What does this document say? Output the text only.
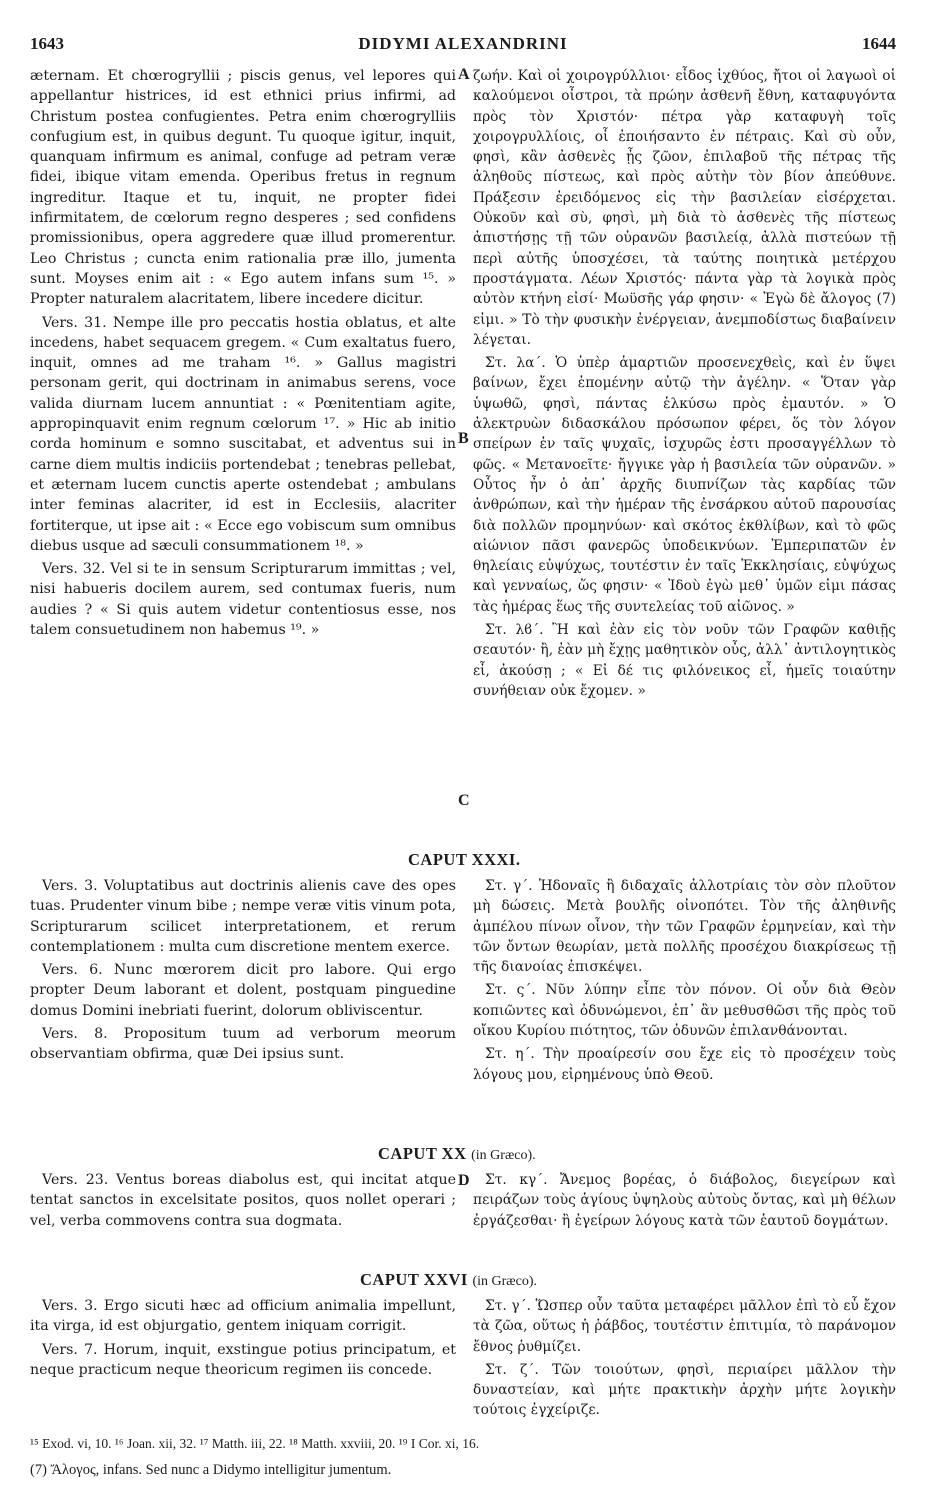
1643	DIDYMI ALEXANDRINI	1644

æternam. Et chœrogryllii ; piscis genus, vel lepores qui appellantur histrices, id est ethnici prius infirmi, ad Christum postea confugientes. Petra enim chœrogrylliis confugium est, in quibus degunt. Tu quoque igitur, inquit, quanquam infirmum es animal, confuge ad petram veræ fidei, ibique vitam emenda. Operibus fretus in regnum ingreditur. Itaque et tu, inquit, ne propter fidei infirmitatem, de cœlorum regno desperes ; sed confidens promissionibus, opera aggredere quæ illud promerentur. Leo Christus ; cuncta enim rationalia præ illo, jumenta sunt. Moyses enim ait : « Ego autem infans sum ¹⁵. » Propter naturalem alacritatem, libere incedere dicitur.

Vers. 31. Nempe ille pro peccatis hostia oblatus, et alte incedens, habet sequacem gregem. « Cum exaltatus fuero, inquit, omnes ad me traham ¹⁶. » Gallus magistri personam gerit, qui doctrinam in animabus serens, voce valida diurnam lucem annuntiat : « Pœnitentiam agite, appropinquavit enim regnum cœlorum ¹⁷. » Hic ab initio corda hominum e somno suscitabat, et adventus sui in carne diem multis indiciis portendebat ; tenebras pellebat, et æternam lucem cunctis aperte ostendebat ; ambulans inter feminas alacriter, id est in Ecclesiis, alacriter fortiterque, ut ipse ait : « Ecce ego vobiscum sum omnibus diebus usque ad sæculi consummationem ¹⁸. »

Vers. 32. Vel si te in sensum Scripturarum immittas ; vel, nisi habueris docilem aurem, sed contumax fueris, num audies ? « Si quis autem videtur contentiosus esse, nos talem consuetudinem non habemus ¹⁹. »

ζωήν. Καὶ οἱ χοιρογρύλλιοι· εἶδος ἰχθύος, ἤτοι οἱ λαγωοὶ οἱ καλούμενοι οἶστροι, τὰ πρώην ἀσθενῆ ἔθνη, καταφυγόντα πρὸς τὸν Χριστόν· πέτρα γὰρ καταφυγὴ τοῖς χοιρογρυλλίοις, οἷ ἐποιήσαντο ἐν πέτραις. Καὶ σὺ οὖν, φησὶ, κἂν ἀσθενὲς ᾖς ζῶον, ἐπιλαβοῦ τῆς πέτρας τῆς ἀληθοῦς πίστεως, καὶ πρὸς αὐτὴν τὸν βίον ἀπεύθυνε. Πράξεσιν ἐρειδόμενος εἰς τὴν βασιλείαν εἰσέρχεται. Οὐκοῦν καὶ σὺ, φησὶ, μὴ διὰ τὸ ἀσθενὲς τῆς πίστεως ἀπιστήσῃς τῇ τῶν οὐρανῶν βασιλείᾳ, ἀλλὰ πιστεύων τῇ περὶ αὐτῆς ὑποσχέσει, τὰ ταύτης ποιητικὰ μετέρχου προστάγματα. Λέων Χριστός· πάντα γὰρ τὰ λογικὰ πρὸς αὐτὸν κτήνη εἰσί· Μωϋσῆς γάρ φησιν· « Ἐγὼ δὲ ἄλογος (7) εἰμι. » Τὸ τὴν φυσικὴν ἐνέργειαν, ἀνεμποδίστως διαβαίνειν λέγεται.

Στ. λα΄. Ὁ ὑπὲρ ἁμαρτιῶν προσενεχθεὶς, καὶ ἐν ὕψει βαίνων, ἔχει ἑπομένην αὐτῷ τὴν ἀγέλην. « Ὅταν γὰρ ὑψωθῶ, φησὶ, πάντας ἑλκύσω πρὸς ἐμαυτόν. » Ὁ ἀλεκτρυὼν διδασκάλου πρόσωπον φέρει, ὅς τὸν λόγον σπείρων ἐν ταῖς ψυχαῖς, ἰσχυρῶς ἐστι προσαγγέλλων τὸ φῶς. « Μετανοεῖτε· ἤγγικε γὰρ ἡ βασιλεία τῶν οὐρανῶν. » Οὗτος ἦν ὁ ἀπ᾽ ἀρχῆς διυπνίζων τὰς καρδίας τῶν ἀνθρώπων, καὶ τὴν ἡμέραν τῆς ἐνσάρκου αὐτοῦ παρουσίας διὰ πολλῶν προμηνύων· καὶ σκότος ἐκθλίβων, καὶ τὸ φῶς αἰώνιον πᾶσι φανερῶς ὑποδεικνύων. Ἐμπεριπατῶν ἐν θηλείαις εὐψύχως, τουτέστιν ἐν ταῖς Ἐκκλησίαις, εὐψύχως καὶ γενναίως, ὥς φησιν· « Ἰδοὺ ἐγὼ μεθ᾽ ὑμῶν εἰμι πάσας τὰς ἡμέρας ἕως τῆς συντελείας τοῦ αἰῶνος. »

Στ. λϐ΄. Ἢ καὶ ἐὰν εἰς τὸν νοῦν τῶν Γραφῶν καθιῇς σεαυτόν· ἢ, ἐὰν μὴ ἔχῃς μαθητικὸν οὖς, ἀλλ᾽ ἀντιλογητικὸς εἶ, ἀκούσῃ ; « Εἰ δέ τις φιλόνεικος εἶ, ἡμεῖς τοιαύτην συνήθειαν οὐκ ἔχομεν. »

A
B
C
D
CAPUT XXXI.

Vers. 3. Voluptatibus aut doctrinis alienis cave des opes tuas. Prudenter vinum bibe ; nempe veræ vitis vinum pota, Scripturarum scilicet interpretationem, et rerum contemplationem : multa cum discretione mentem exerce.

Vers. 6. Nunc mœrorem dicit pro labore. Qui ergo propter Deum laborant et dolent, postquam pinguedine domus Domini inebriati fuerint, dolorum obliviscentur.

Vers. 8. Propositum tuum ad verborum meorum observantiam obfirma, quæ Dei ipsius sunt.

Στ. γ΄. Ἡδοναῖς ἢ διδαχαῖς ἀλλοτρίαις τὸν σὸν πλοῦτον μὴ δώσεις. Μετὰ βουλῆς οἰνοπότει. Τὸν τῆς ἀληθινῆς ἀμπέλου πίνων οἶνον, τὴν τῶν Γραφῶν ἑρμηνείαν, καὶ τὴν τῶν ὄντων θεωρίαν, μετὰ πολλῆς προσέχου διακρίσεως τῇ τῆς διανοίας ἐπισκέψει.

Στ. ς΄. Νῦν λύπην εἶπε τὸν πόνον. Οἱ οὖν διὰ Θεὸν κοπιῶντες καὶ ὀδυνώμενοι, ἐπ᾽ ἂν μεθυσθῶσι τῆς πρὸς τοῦ οἴκου Κυρίου πιότητος, τῶν ὀδυνῶν ἐπιλανθάνονται.

Στ. η΄. Τὴν προαίρεσίν σου ἔχε εἰς τὸ προσέχειν τοὺς λόγους μου, εἰρημένους ὑπὸ Θεοῦ.

CAPUT XX (in Græco).

Vers. 23. Ventus boreas diabolus est, qui incitat atque tentat sanctos in excelsitate positos, quos nollet operari ; vel, verba commovens contra sua dogmata.

Στ. κγ΄. Ἄνεμος βορέας, ὁ διάβολος, διεγείρων καὶ πειράζων τοὺς ἁγίους ὑψηλοὺς αὐτοὺς ὄντας, καὶ μὴ θέλων ἐργάζεσθαι· ἢ ἐγείρων λόγους κατὰ τῶν ἑαυτοῦ δογμάτων.

CAPUT XXVI (in Græco).

Vers. 3. Ergo sicuti hæc ad officium animalia impellunt, ita virga, id est objurgatio, gentem iniquam corrigit.

Vers. 7. Horum, inquit, exstingue potius principatum, et neque practicum neque theoricum regimen iis concede.

Στ. γ΄. Ὥσπερ οὖν ταῦτα μεταφέρει μᾶλλον ἐπὶ τὸ εὖ ἔχον τὰ ζῶα, οὕτως ἡ ῥάβδος, τουτέστιν ἐπιτιμία, τὸ παράνομον ἔθνος ῥυθμίζει.

Στ. ζ΄. Τῶν τοιούτων, φησὶ, περιαίρει μᾶλλον τὴν δυναστείαν, καὶ μήτε πρακτικὴν ἀρχὴν μήτε λογικὴν τούτοις ἐγχείριζε.

¹⁵ Exod. vi, 10. ¹⁶ Joan. xii, 32. ¹⁷ Matth. iii, 22. ¹⁸ Matth. xxviii, 20. ¹⁹ I Cor. xi, 16.
(7) Ἄλογος, infans. Sed nunc a Didymo intelligitur jumentum.
